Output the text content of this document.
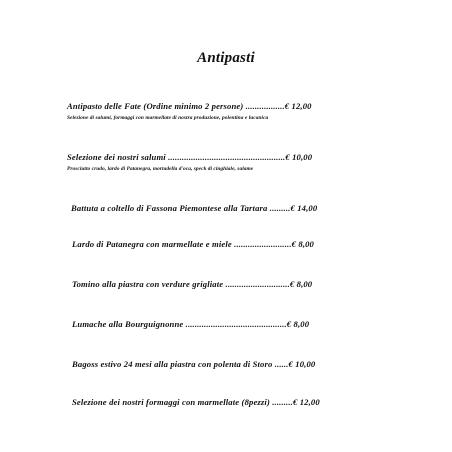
Antipasti
Antipasto delle Fate (Ordine minimo 2 persone) .................€ 12,00
Selezione di salumi, formaggi con marmellate di nostra produzione, polentina e lucanica
Selezione dei nostri salumi ...................................................€ 10,00
Prosciutto crudo, lardo di Patanegra, mortadella d'oca, speck di cinghiale, salame
Battuta a coltello di Fassona Piemontese alla Tartara .........€ 14,00
Lardo di Patanegra con marmellate e miele .........................€ 8,00
Tomino alla piastra con verdure grigliate ............................€ 8,00
Lumache alla Bourguignonne ............................................€ 8,00
Bagoss estivo 24 mesi alla piastra con polenta di Storo ......€ 10,00
Selezione dei nostri formaggi con marmellate (8pezzi) .........€ 12,00
